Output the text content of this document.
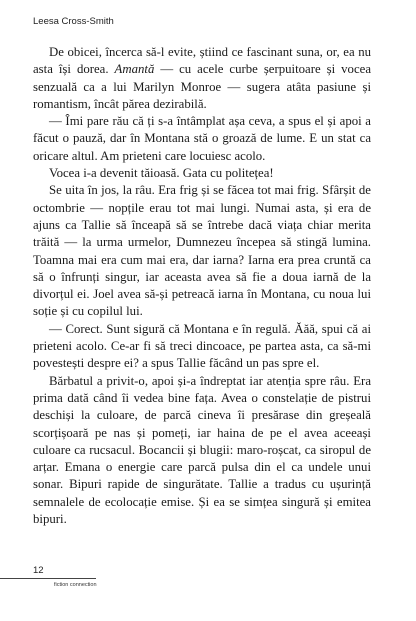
Leesa Cross-Smith

De obicei, încerca să-l evite, știind ce fascinant suna, or, ea nu asta își dorea. Amantă — cu acele curbe șerpuitoare și vocea senzuală ca a lui Marilyn Monroe — sugera atâta pasiune și romantism, încât părea dezirabilă.

— Îmi pare rău că ți s-a întâmplat așa ceva, a spus el și apoi a făcut o pauză, dar în Montana stă o groază de lume. E un stat ca oricare altul. Am prieteni care locuiesc acolo.

Vocea i-a devenit tăioasă. Gata cu politețea!

Se uita în jos, la râu. Era frig și se făcea tot mai frig. Sfârșit de octombrie — nopțile erau tot mai lungi. Numai asta, și era de ajuns ca Tallie să înceapă să se întrebe dacă viața chiar merita trăită — la urma urmelor, Dumnezeu începea să stingă lumina. Toamna mai era cum mai era, dar iarna? Iarna era prea cruntă ca să o înfrunți singur, iar aceasta avea să fie a doua iarnă de la divorțul ei. Joel avea să-și petreacă iarna în Montana, cu noua lui soție și cu copilul lui.

— Corect. Sunt sigură că Montana e în regulă. Ăăă, spui că ai prieteni acolo. Ce-ar fi să treci dincoace, pe partea asta, ca să-mi povestești despre ei? a spus Tallie făcând un pas spre el.

Bărbatul a privit-o, apoi și-a îndreptat iar atenția spre râu. Era prima dată când îi vedea bine fața. Avea o constelație de pistrui deschiși la culoare, de parcă cineva îi presărase din greșeală scorțișoară pe nas și pomeți, iar haina de pe el avea aceeași culoare ca rucsacul. Bocancii și blugii: maro-roșcat, ca siropul de arțar. Emana o energie care parcă pulsa din el ca undele unui sonar. Bipuri rapide de singurătate. Tallie a tradus cu ușurință semnalele de ecolocație emise. Și ea se simțea singură și emitea bipuri.

12
fiction connection
